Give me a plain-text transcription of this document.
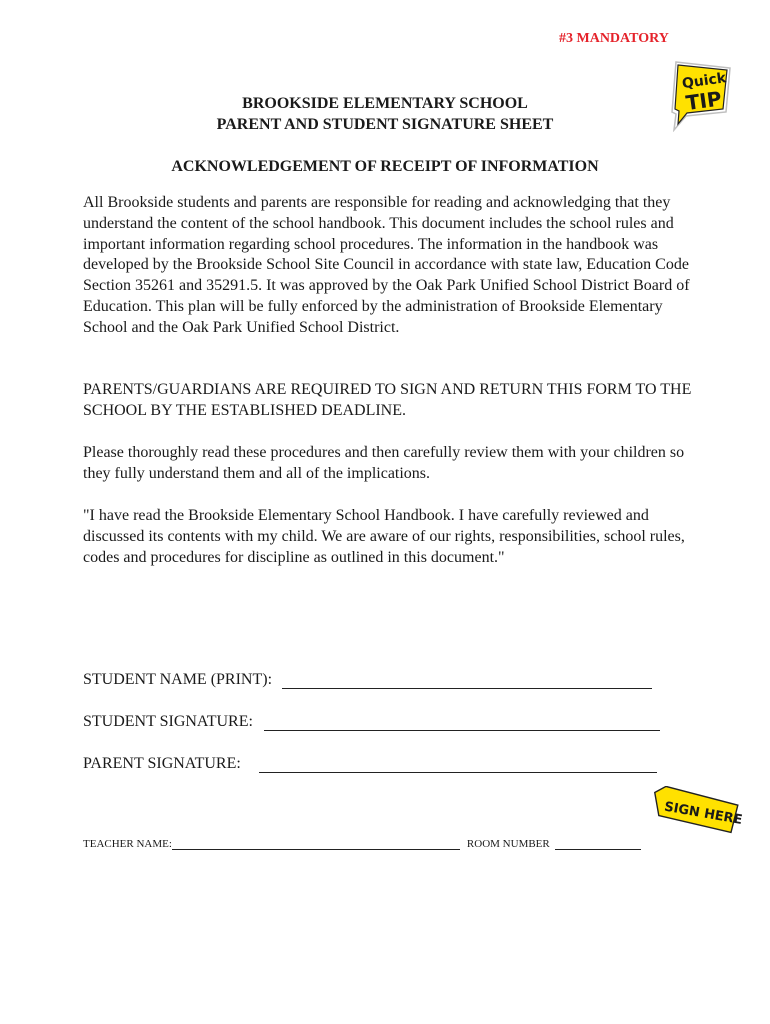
#3 MANDATORY
Quick
TIP
BROOKSIDE ELEMENTARY SCHOOL
PARENT AND STUDENT SIGNATURE SHEET
ACKNOWLEDGEMENT OF RECEIPT OF INFORMATION

All Brookside students and parents are responsible for reading and acknowledging that they understand the content of the school handbook. This document includes the school rules and important information regarding school procedures. The information in the handbook was developed by the Brookside School Site Council in accordance with state law, Education Code Section 35261 and 35291.5. It was approved by the Oak Park Unified School District Board of Education. This plan will be fully enforced by the administration of Brookside Elementary School and the Oak Park Unified School District.

PARENTS/GUARDIANS ARE REQUIRED TO SIGN AND RETURN THIS FORM TO THE SCHOOL BY THE ESTABLISHED DEADLINE.

Please thoroughly read these procedures and then carefully review them with your children so they fully understand them and all of the implications.

"I have read the Brookside Elementary School Handbook. I have carefully reviewed and discussed its contents with my child. We are aware of our rights, responsibilities, school rules, codes and procedures for discipline as outlined in this document."

STUDENT NAME (PRINT):
STUDENT SIGNATURE:
PARENT SIGNATURE:
SIGN HERE
TEACHER NAME:	ROOM NUMBER
